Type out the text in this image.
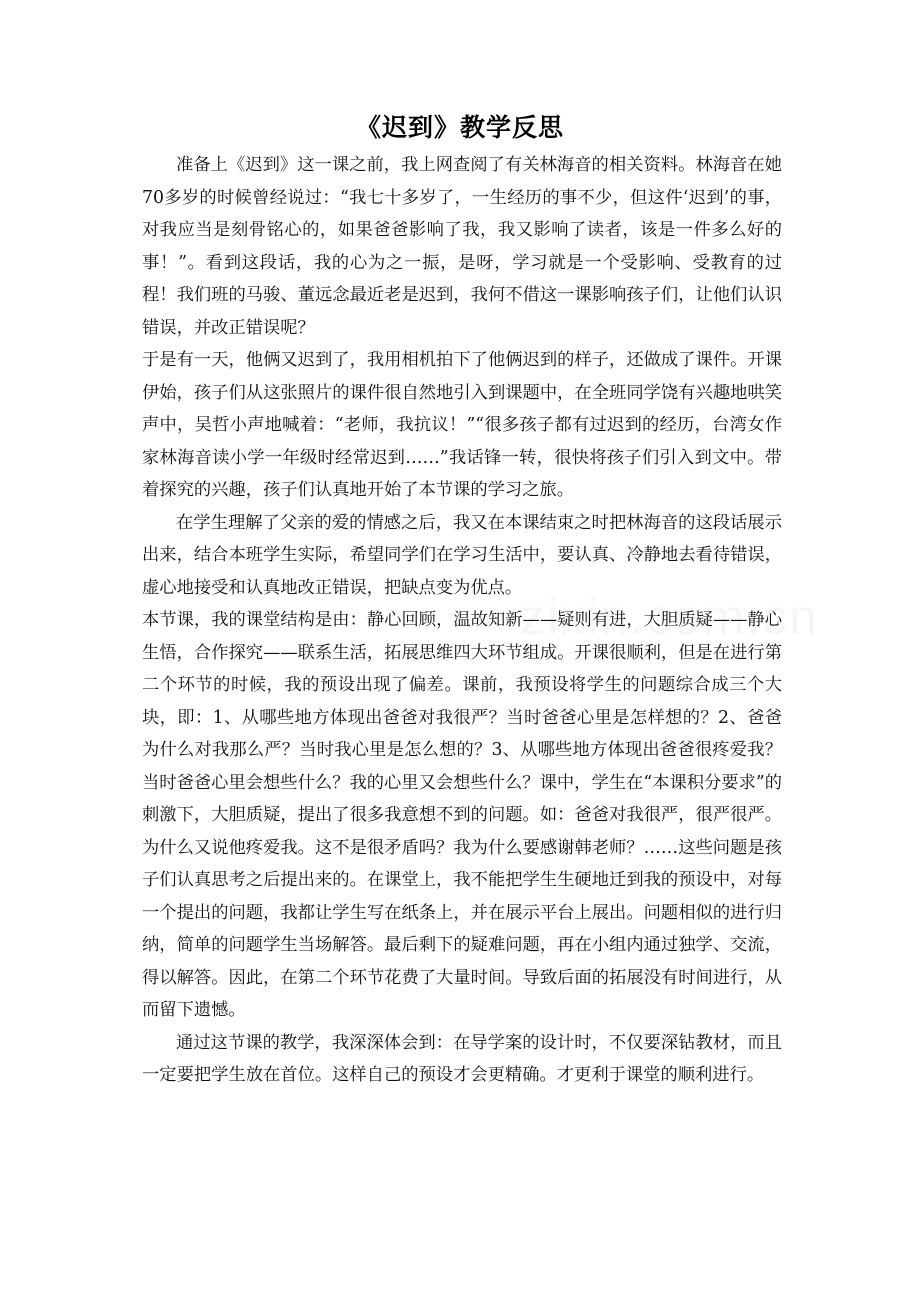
《迟到》教学反思

准备上《迟到》这一课之前，我上网查阅了有关林海音的相关资料。林海音在她70多岁的时候曾经说过：“我七十多岁了，一生经历的事不少，但这件‘迟到’的事，对我应当是刻骨铭心的，如果爸爸影响了我，我又影响了读者，该是一件多么好的事！”。看到这段话，我的心为之一振，是呀，学习就是一个受影响、受教育的过程！我们班的马骏、董远念最近老是迟到，我何不借这一课影响孩子们，让他们认识错误，并改正错误呢？

于是有一天，他俩又迟到了，我用相机拍下了他俩迟到的样子，还做成了课件。开课伊始，孩子们从这张照片的课件很自然地引入到课题中，在全班同学饶有兴趣地哄笑声中，吴哲小声地喊着：“老师，我抗议！”“很多孩子都有过迟到的经历，台湾女作家林海音读小学一年级时经常迟到……”我话锋一转，很快将孩子们引入到文中。带着探究的兴趣，孩子们认真地开始了本节课的学习之旅。

在学生理解了父亲的爱的情感之后，我又在本课结束之时把林海音的这段话展示出来，结合本班学生实际，希望同学们在学习生活中，要认真、冷静地去看待错误，虚心地接受和认真地改正错误，把缺点变为优点。

本节课，我的课堂结构是由：静心回顾，温故知新——疑则有进，大胆质疑——静心生悟，合作探究——联系生活，拓展思维四大环节组成。开课很顺利，但是在进行第二个环节的时候，我的预设出现了偏差。课前，我预设将学生的问题综合成三个大块，即：1、从哪些地方体现出爸爸对我很严？当时爸爸心里是怎样想的？2、爸爸为什么对我那么严？当时我心里是怎么想的？3、从哪些地方体现出爸爸很疼爱我？当时爸爸心里会想些什么？我的心里又会想些什么？课中，学生在“本课积分要求”的刺激下，大胆质疑，提出了很多我意想不到的问题。如：爸爸对我很严，很严很严。为什么又说他疼爱我。这不是很矛盾吗？我为什么要感谢韩老师？……这些问题是孩子们认真思考之后提出来的。在课堂上，我不能把学生生硬地迁到我的预设中，对每一个提出的问题，我都让学生写在纸条上，并在展示平台上展出。问题相似的进行归纳，简单的问题学生当场解答。最后剩下的疑难问题，再在小组内通过独学、交流，得以解答。因此，在第二个环节花费了大量时间。导致后面的拓展没有时间进行，从而留下遗憾。

通过这节课的教学，我深深体会到：在导学案的设计时，不仅要深钻教材，而且一定要把学生放在首位。这样自己的预设才会更精确。才更利于课堂的顺利进行。
